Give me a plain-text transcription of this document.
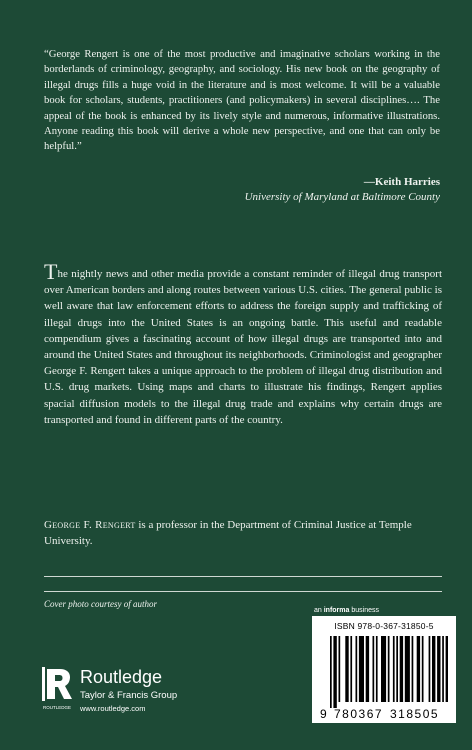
“George Rengert is one of the most productive and imaginative scholars working in the borderlands of criminology, geography, and sociology. His new book on the geography of illegal drugs fills a huge void in the literature and is most welcome. It will be a valuable book for scholars, students, practitioners (and policymakers) in several disciplines…. The appeal of the book is enhanced by its lively style and numerous, informative illustrations. Anyone reading this book will derive a whole new perspective, and one that can only be helpful.”
—Keith Harries
University of Maryland at Baltimore County
The nightly news and other media provide a constant reminder of illegal drug transport over American borders and along routes between various U.S. cities. The general public is well aware that law enforcement efforts to address the foreign supply and trafficking of illegal drugs into the United States is an ongoing battle. This useful and readable compendium gives a fascinating account of how illegal drugs are transported into and around the United States and throughout its neighborhoods. Criminologist and geographer George F. Rengert takes a unique approach to the problem of illegal drug distribution and U.S. drug markets. Using maps and charts to illustrate his findings, Rengert applies spacial diffusion models to the illegal drug trade and explains why certain drugs are transported and found in different parts of the country.
George F. Rengert is a professor in the Department of Criminal Justice at Temple University.
Cover photo courtesy of author
an informa business
ISBN 978-0-367-31850-5
9 780367 318505
ROUTLEDGE
Routledge
Taylor & Francis Group
www.routledge.com
